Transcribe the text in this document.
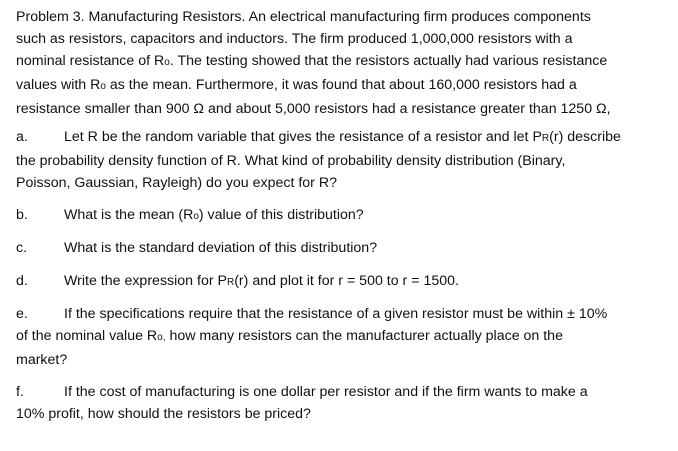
Problem 3. Manufacturing Resistors. An electrical manufacturing firm produces components

such as resistors, capacitors and inductors. The firm produced 1,000,000 resistors with a

nominal resistance of Ro. The testing showed that the resistors actually had various resistance

values with Ro as the mean. Furthermore, it was found that about 160,000 resistors had a

resistance smaller than 900 Ω and about 5,000 resistors had a resistance greater than 1250 Ω,

a.	Let R be the random variable that gives the resistance of a resistor and let PR(r) describe

the probability density function of R. What kind of probability density distribution (Binary,

Poisson, Gaussian, Rayleigh) do you expect for R?

b.	What is the mean (Ro) value of this distribution?

c.	What is the standard deviation of this distribution?

d.	Write the expression for PR(r) and plot it for r = 500 to r = 1500.

e.	If the specifications require that the resistance of a given resistor must be within ± 10%

of the nominal value Ro, how many resistors can the manufacturer actually place on the

market?

f.	If the cost of manufacturing is one dollar per resistor and if the firm wants to make a

10% profit, how should the resistors be priced?
